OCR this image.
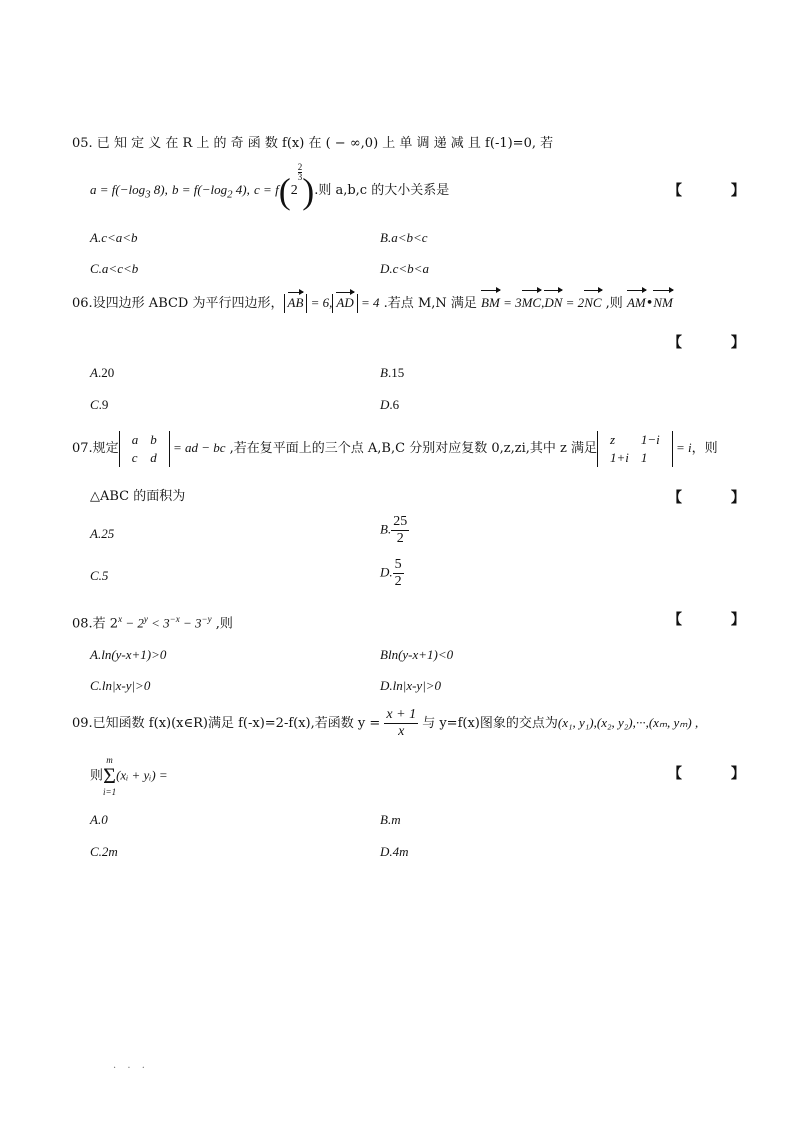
05. 已 知 定 义 在 R 上 的 奇 函 数 f(x) 在 ( − ∞,0) 上 单 调 递 减 且 f(-1)=0, 若
$a = f(-\log_3$ 8), $b = f(-\log_2$ 4), c = f(2
$\frac{2}{3}$ ).则 a,b,c 的大小关系是	【 】
A.c<a<b	B.a<b<c
C.a<c<b	D.c<b<a
06.设四边形 ABCD 为平行四边形， AB = 6, AD = 4 .若点 M,N 满足 BM = 3MC,DN = 2NC ,则 AM•NM
【 】
A.20	B.15
C.9	D.6
07.规定
a	b
c	d
= ad − bc ,若在复平面上的三个点 A,B,C 分别对应复数 0,z,zi,其中 z 满足
z	1−i
1+i	1
= i，则
△ABC 的面积为	【 】
A.25	B. $\frac{25}{2}$
C.5	D. $\frac{5}{2}$
08.若 $2^x - 2^y < 3^{-x} - 3^{-y}$ ,则	【 】
A.ln(y-x+1)>0	Bln(y-x+1)<0
C.ln|x-y|>0	D.ln|x-y|>0
09.已知函数 f(x)(x∈R)满足 f(-x)=2-f(x),若函数 $y = \frac{x + 1}{x}$ 与 y=f(x)图象的交点为(x₁, y₁),(x₂, y₂),···,(xₘ, yₘ) ,
则
m
Σ
i=1
(xᵢ + yᵢ) =	【 】
A.0	B.m
C.2m	D.4m
· · ·
